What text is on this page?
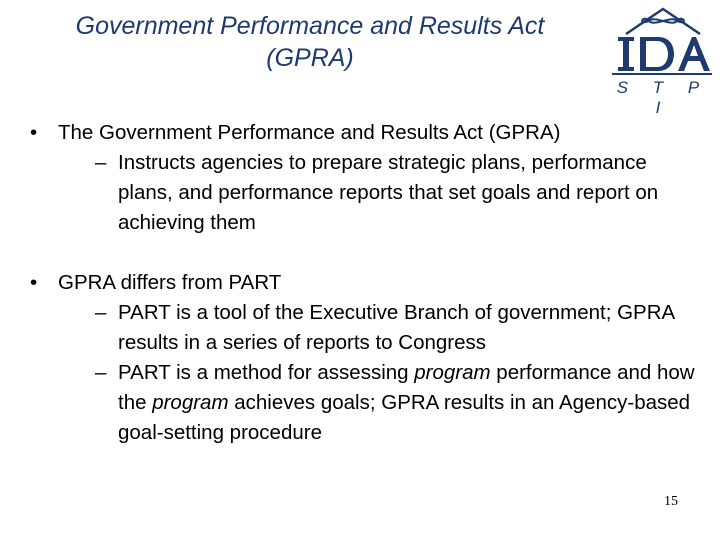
Government Performance and Results Act
(GPRA)
S T P I
• The Government Performance and Results Act (GPRA)
– Instructs agencies to prepare strategic plans, performance plans, and performance reports that set goals and report on achieving them
• GPRA differs from PART
– PART is a tool of the Executive Branch of government; GPRA results in a series of reports to Congress
– PART is a method for assessing program performance and how the program achieves goals; GPRA results in an Agency-based goal-setting procedure
15
